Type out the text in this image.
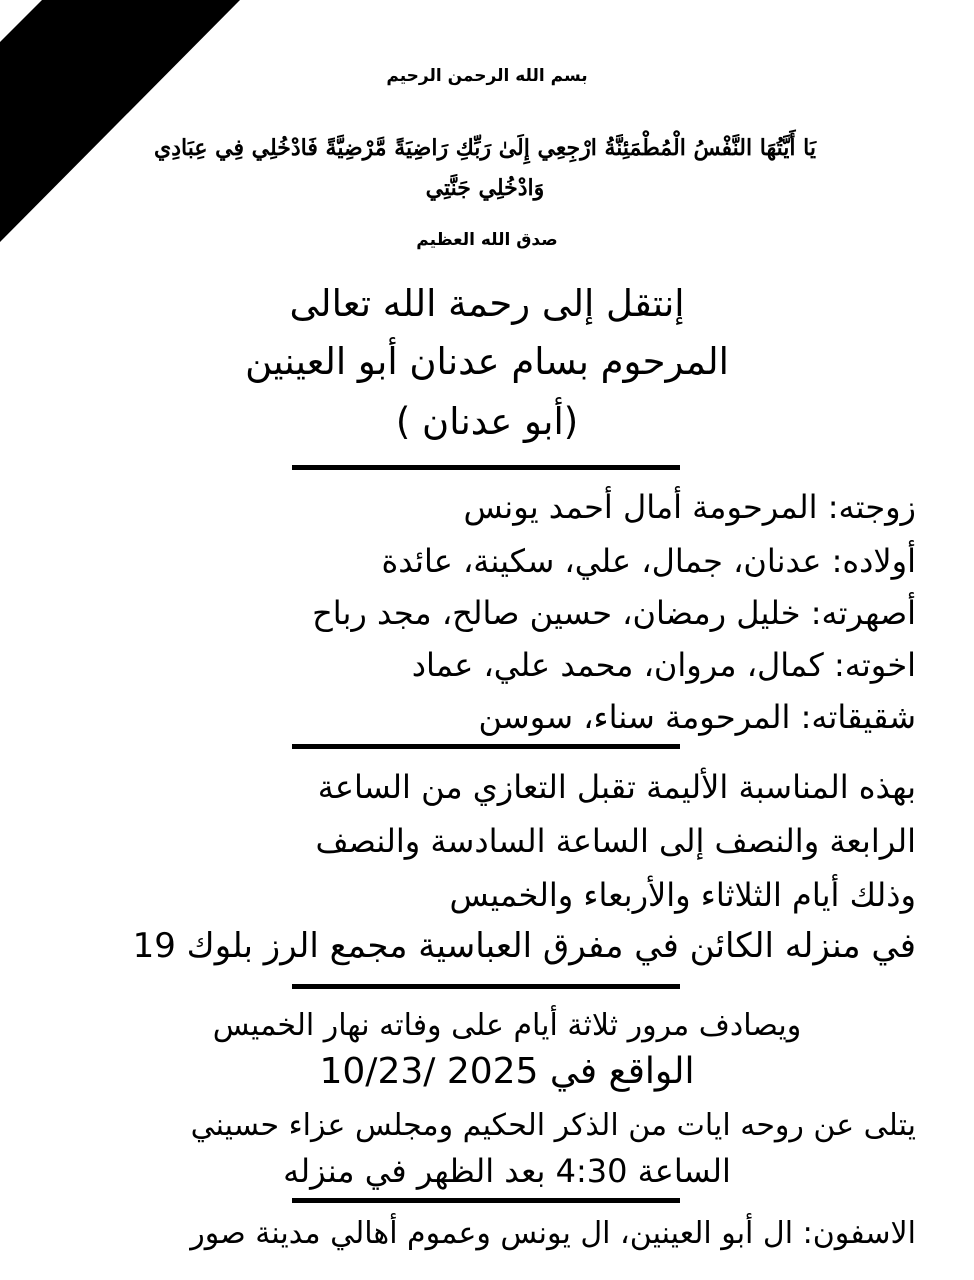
بسم الله الرحمن الرحيم

يَا أَيَّتُهَا النَّفْسُ الْمُطْمَئِنَّةُ ارْجِعِي إِلَىٰ رَبِّكِ رَاضِيَةً مَّرْضِيَّةً فَادْخُلِي فِي عِبَادِي وَادْخُلِي جَنَّتِي

صدق الله العظيم

إنتقل إلى رحمة الله تعالى

المرحوم بسام عدنان أبو العينين

(أبو عدنان )

زوجته: المرحومة أمال أحمد يونس

أولاده: عدنان، جمال، علي، سكينة، عائدة

أصهرته: خليل رمضان، حسين صالح، مجد رباح

اخوته: كمال، مروان، محمد علي، عماد

شقيقاته: المرحومة سناء، سوسن

بهذه المناسبة الأليمة تقبل التعازي من الساعة

الرابعة والنصف إلى الساعة السادسة والنصف

وذلك أيام الثلاثاء والأربعاء والخميس

في منزله الكائن في مفرق العباسية مجمع الرز بلوك 19

ويصادف مرور ثلاثة أيام على وفاته نهار الخميس

الواقع في 2025 /10/23

يتلى عن روحه ايات من الذكر الحكيم ومجلس عزاء حسيني

الساعة 4:30 بعد الظهر في منزله

الاسفون: ال أبو العينين، ال يونس وعموم أهالي مدينة صور
